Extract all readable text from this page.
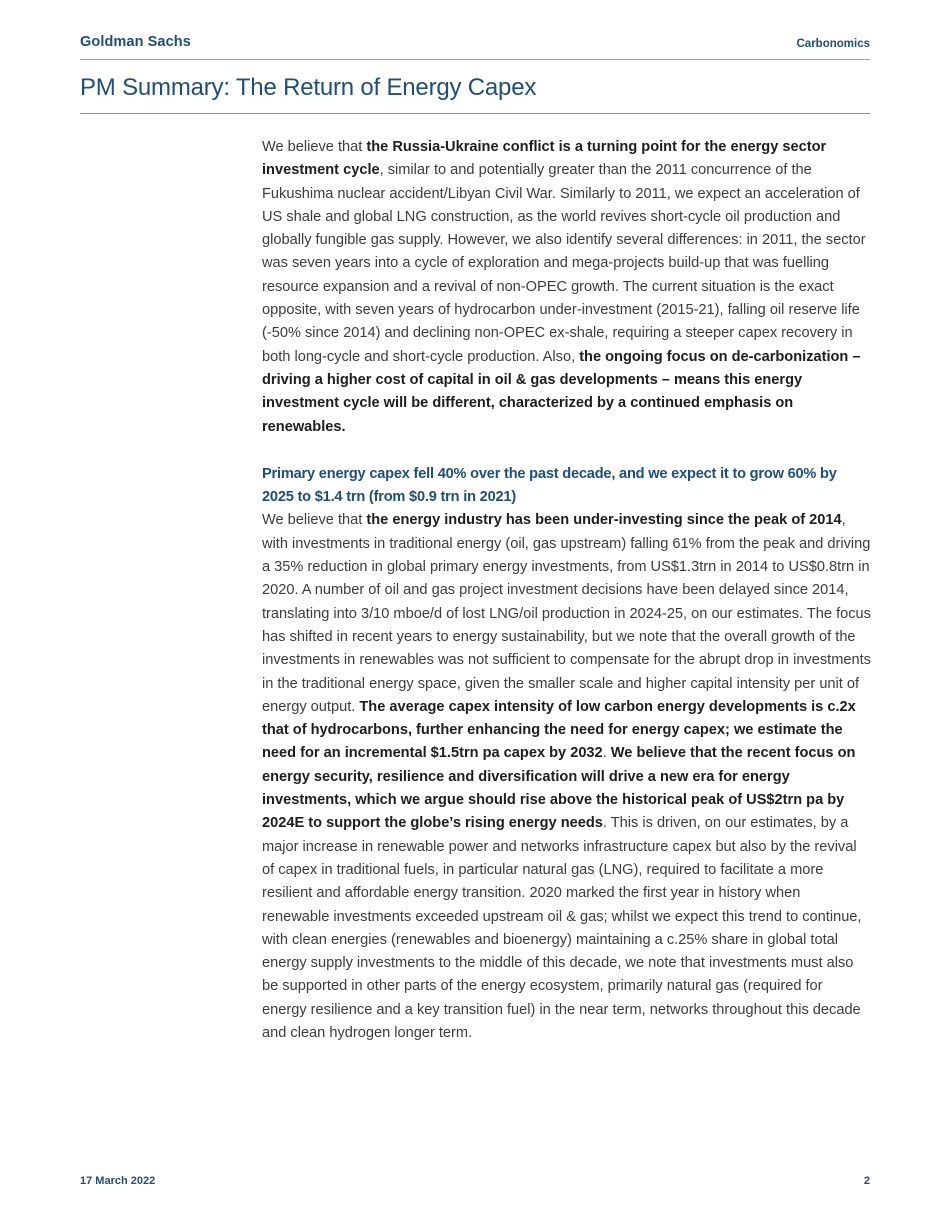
Goldman Sachs	Carbonomics
PM Summary: The Return of Energy Capex

We believe that the Russia-Ukraine conflict is a turning point for the energy sector investment cycle, similar to and potentially greater than the 2011 concurrence of the Fukushima nuclear accident/Libyan Civil War. Similarly to 2011, we expect an acceleration of US shale and global LNG construction, as the world revives short-cycle oil production and globally fungible gas supply. However, we also identify several differences: in 2011, the sector was seven years into a cycle of exploration and mega-projects build-up that was fuelling resource expansion and a revival of non-OPEC growth. The current situation is the exact opposite, with seven years of hydrocarbon under-investment (2015-21), falling oil reserve life (-50% since 2014) and declining non-OPEC ex-shale, requiring a steeper capex recovery in both long-cycle and short-cycle production. Also, the ongoing focus on de-carbonization – driving a higher cost of capital in oil & gas developments – means this energy investment cycle will be different, characterized by a continued emphasis on renewables.

Primary energy capex fell 40% over the past decade, and we expect it to grow 60% by 2025 to $1.4 trn (from $0.9 trn in 2021)

We believe that the energy industry has been under-investing since the peak of 2014, with investments in traditional energy (oil, gas upstream) falling 61% from the peak and driving a 35% reduction in global primary energy investments, from US$1.3trn in 2014 to US$0.8trn in 2020. A number of oil and gas project investment decisions have been delayed since 2014, translating into 3/10 mboe/d of lost LNG/oil production in 2024-25, on our estimates. The focus has shifted in recent years to energy sustainability, but we note that the overall growth of the investments in renewables was not sufficient to compensate for the abrupt drop in investments in the traditional energy space, given the smaller scale and higher capital intensity per unit of energy output. The average capex intensity of low carbon energy developments is c.2x that of hydrocarbons, further enhancing the need for energy capex; we estimate the need for an incremental $1.5trn pa capex by 2032. We believe that the recent focus on energy security, resilience and diversification will drive a new era for energy investments, which we argue should rise above the historical peak of US$2trn pa by 2024E to support the globe’s rising energy needs. This is driven, on our estimates, by a major increase in renewable power and networks infrastructure capex but also by the revival of capex in traditional fuels, in particular natural gas (LNG), required to facilitate a more resilient and affordable energy transition. 2020 marked the first year in history when renewable investments exceeded upstream oil & gas; whilst we expect this trend to continue, with clean energies (renewables and bioenergy) maintaining a c.25% share in global total energy supply investments to the middle of this decade, we note that investments must also be supported in other parts of the energy ecosystem, primarily natural gas (required for energy resilience and a key transition fuel) in the near term, networks throughout this decade and clean hydrogen longer term.

17 March 2022	2
